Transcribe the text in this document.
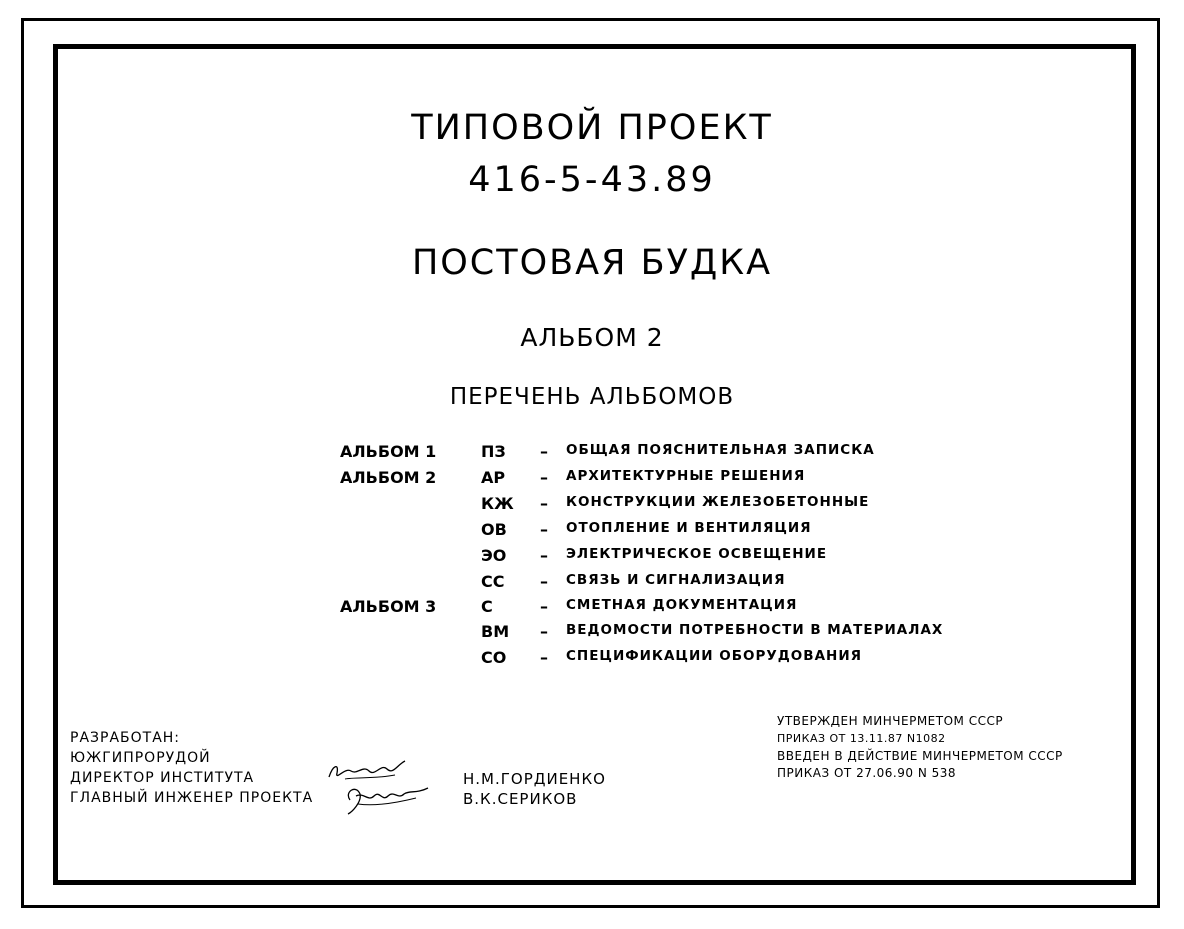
ТИПОВОЙ ПРОЕКТ
416-5-43.89
ПОСТОВАЯ БУДКА
АЛЬБОМ 2
ПЕРЕЧЕНЬ АЛЬБОМОВ
АЛЬБОМ 1	ПЗ – ОБЩАЯ ПОЯСНИТЕЛЬНАЯ ЗАПИСКА
АЛЬБОМ 2	АР – АРХИТЕКТУРНЫЕ РЕШЕНИЯ
КЖ – КОНСТРУКЦИИ ЖЕЛЕЗОБЕТОННЫЕ
ОВ – ОТОПЛЕНИЕ И ВЕНТИЛЯЦИЯ
ЭО – ЭЛЕКТРИЧЕСКОЕ ОСВЕЩЕНИЕ
СС – СВЯЗЬ И СИГНАЛИЗАЦИЯ
АЛЬБОМ 3	С	– СМЕТНАЯ ДОКУМЕНТАЦИЯ
ВМ – ВЕДОМОСТИ ПОТРЕБНОСТИ В МАТЕРИАЛАХ
СО – СПЕЦИФИКАЦИИ ОБОРУДОВАНИЯ
РАЗРАБОТАН:
ЮЖГИПРОРУДОЙ
ДИРЕКТОР ИНСТИТУТА
ГЛАВНЫЙ ИНЖЕНЕР ПРОЕКТА
Н.М.ГОРДИЕНКО
В.К.СЕРИКОВ
УТВЕРЖДЕН МИНЧЕРМЕТОМ СССР
ПРИКАЗ ОТ 13.11.87 N1082
ВВЕДЕН В ДЕЙСТВИЕ МИНЧЕРМЕТОМ СССР
ПРИКАЗ ОТ 27.06.90 N 538
